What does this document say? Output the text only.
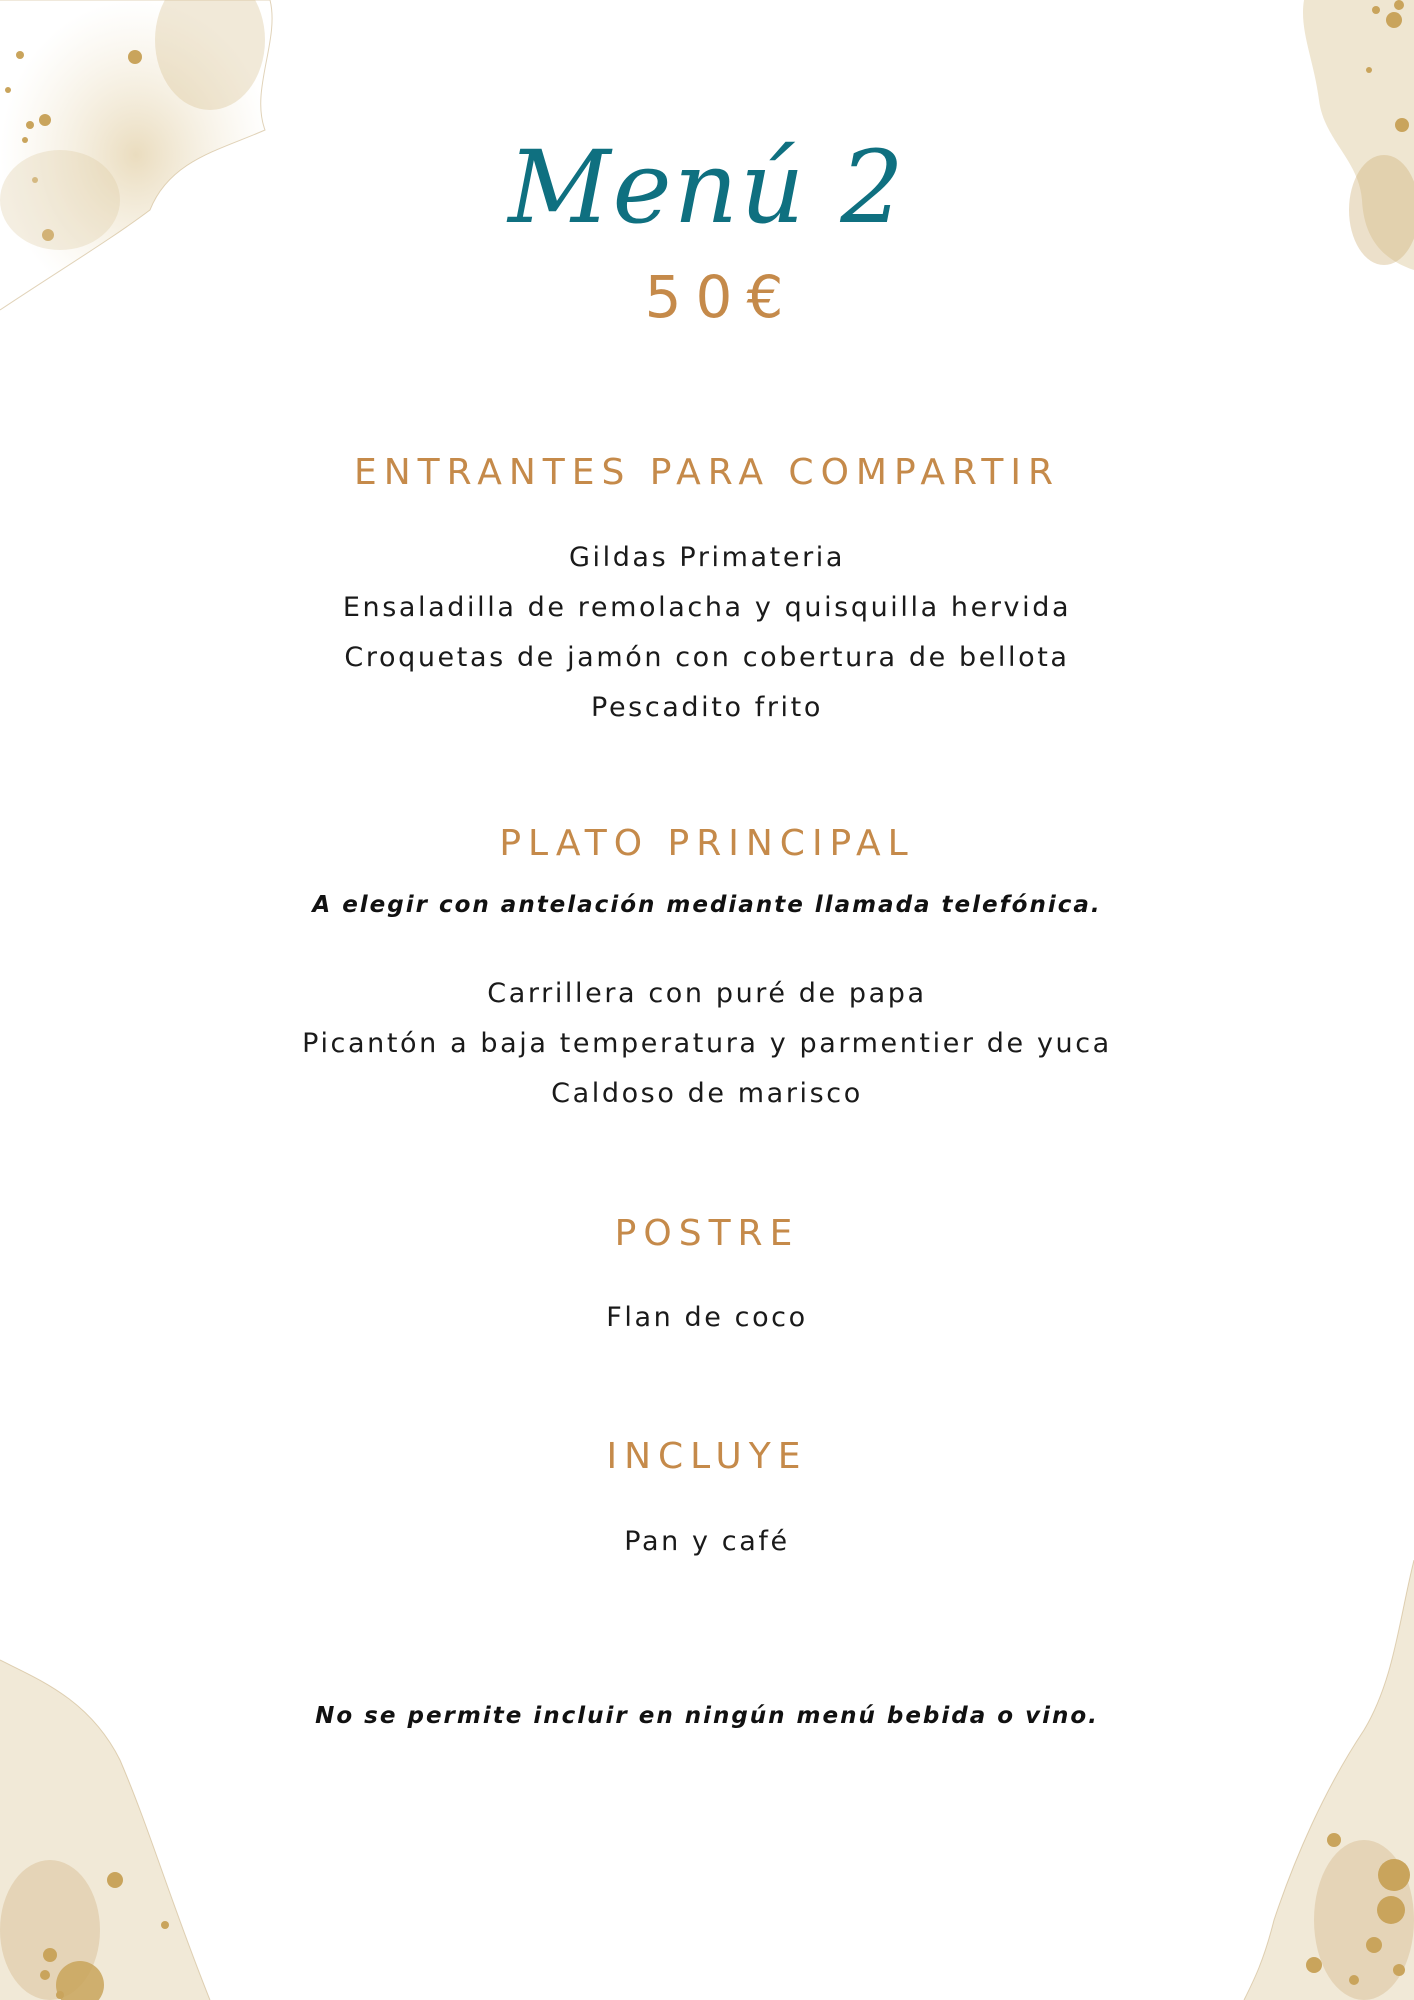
Menú 2
50€
ENTRANTES PARA COMPARTIR
Gildas Primateria
Ensaladilla de remolacha y quisquilla hervida
Croquetas de jamón con cobertura de bellota
Pescadito frito
PLATO PRINCIPAL
A elegir con antelación mediante llamada telefónica.
Carrillera con puré de papa
Picantón a baja temperatura y parmentier de yuca
Caldoso de marisco
POSTRE
Flan de coco
INCLUYE
Pan y café
No se permite incluir en ningún menú bebida o vino.
